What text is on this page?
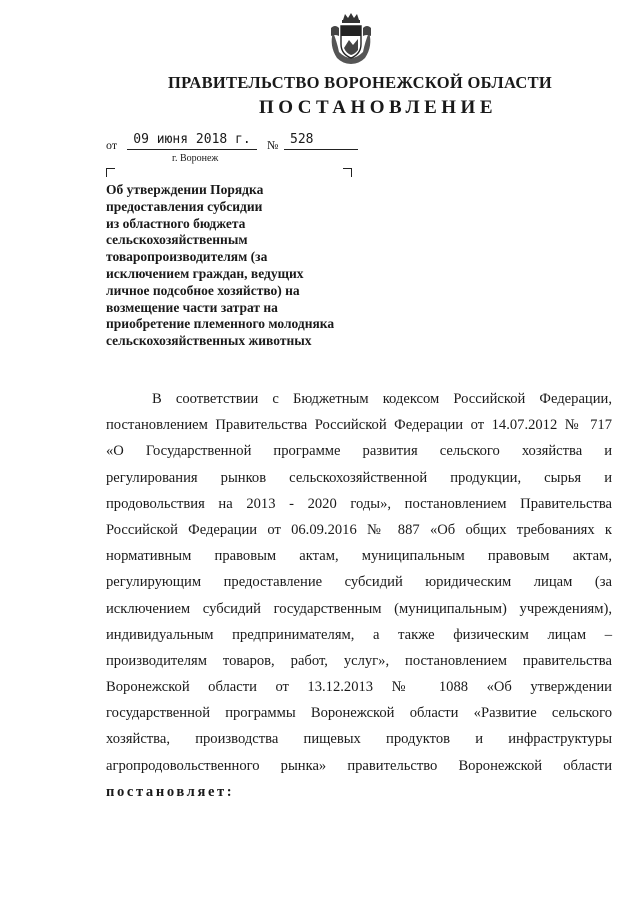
ПРАВИТЕЛЬСТВО ВОРОНЕЖСКОЙ ОБЛАСТИ
ПОСТАНОВЛЕНИЕ
от	09 июня 2018 г.	№ 528
г. Воронеж
Об утверждении Порядка
предоставления субсидии
из областного бюджета
сельскохозяйственным
товаропроизводителям (за
исключением граждан, ведущих
личное подсобное хозяйство) на
возмещение части затрат на
приобретение племенного молодняка
сельскохозяйственных животных
В соответствии с Бюджетным кодексом Российской Федерации,
постановлением Правительства Российской Федерации от 14.07.2012 № 717
«О Государственной программе развития сельского хозяйства и
регулирования рынков сельскохозяйственной продукции, сырья и
продовольствия на 2013 - 2020 годы», постановлением Правительства
Российской Федерации от 06.09.2016 № 887 «Об общих требованиях к
нормативным правовым актам, муниципальным правовым актам,
регулирующим предоставление субсидий юридическим лицам (за
исключением субсидий государственным (муниципальным) учреждениям),
индивидуальным предпринимателям, а также физическим лицам –
производителям товаров, работ, услуг», постановлением правительства
Воронежской области от 13.12.2013 № 1088 «Об утверждении
государственной программы Воронежской области «Развитие сельского
хозяйства, производства пищевых продуктов и инфраструктуры
агропродовольственного рынка» правительство Воронежской области
постановляет:
